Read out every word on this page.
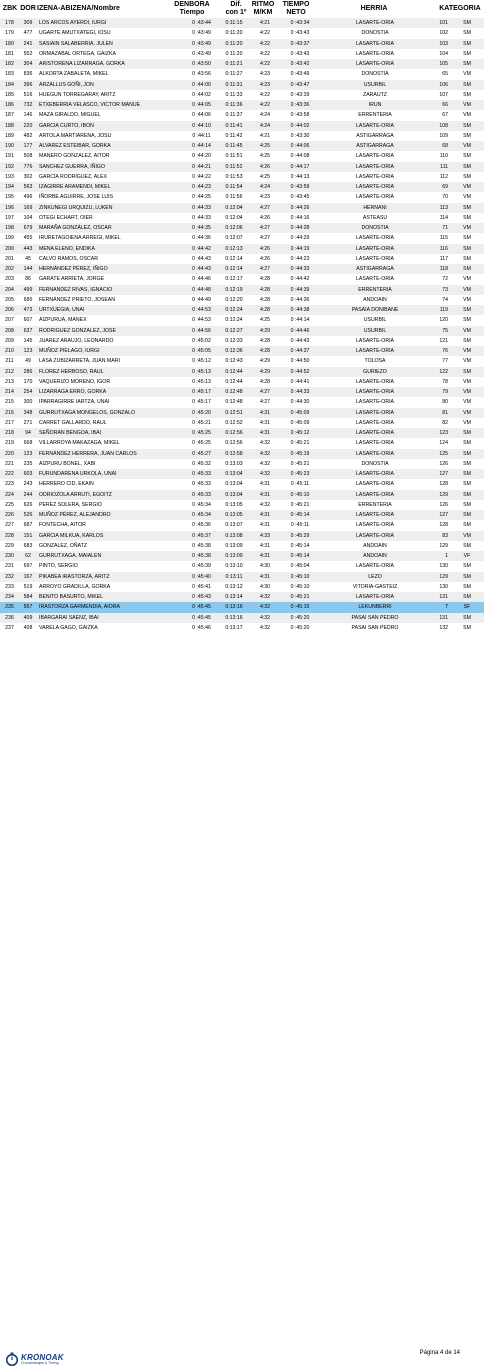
ZBK DOR IZENA-ABIZENA/Nombre
DENBORA
Tiempo
Dif.
con 1º
RITMO
M/KM
TIEMPO
NETO
HERRIA	KATEGORIA
178	309	LOS ARCOS AYERDI, IURGI	0 :43:44	0:11:15	4:21	0 :43:34	LASARTE-ORIA	101	SM
179	477	UGARTE AMUTXATEGI, IOSU	0 :43:49	0:11:20	4:22	0 :43:43	DONOSTIA	102	SM
180	241	SASIAIN SALABERRIA, JULEN	0 :43:49	0:11:20	4:22	0 :43:37	LASARTE-ORIA	103	SM
181	552	ORMAZABAL ORTEGA, GAIZKA	0 :43:49	0:11:20	4:22	0 :43:43	LASARTE-ORIA	104	SM
182	304	ARISTORENA LIZARRAGA, GORKA	0 :43:50	0:11:21	4:22	0 :43:42	LASARTE-ORIA	105	SM
183	836	ALKORTA ZABALETA, MIKEL	0 :43:56	0:11:27	4:23	0 :43:49	DONOSTIA	65	VM
184	396	ARZALLUS GOÑI, JON	0 :44:00	0:11:31	4:23	0 :43:47	USURBIL	106	SM
185	516	HUEGUN TORREGARAY, ARITZ	0 :44:02	0:11:33	4:22	0 :43:39	ZARAUTZ	107	SM
186	732	ETXEBERRIA VELASCO, VICTOR MANUE	0 :44:05	0:11:36	4:22	0 :43:36	IRUN	66	VM
187	146	MAZA GIRALDO, MIGUEL	0 :44:06	0:11:37	4:24	0 :43:58	ERRENTERIA	67	VM
188	220	GARCIA CURTO, IBON	0 :44:10	0:11:41	4:24	0 :44:02	LASARTE-ORIA	108	SM
189	482	ARTOLA MARTIARENA, JOSU	0 :44:11	0:11:42	4:21	0 :43:30	ASTIGARRAGA	109	SM
190	177	ALVAREZ ESTEIBAR, GORKA	0 :44:14	0:11:45	4:25	0 :44:06	ASTIGARRAGA	68	VM
191	508	MANERO GONZALEZ, AITOR	0 :44:20	0:11:51	4:25	0 :44:08	LASARTE-ORIA	110	SM
192	776	SANCHEZ GUERRA, IÑIGO	0 :44:21	0:11:52	4:26	0 :44:17	LASARTE-ORIA	111	SM
193	302	GARCÍA RODRÍGUEZ, ALEX	0 :44:22	0:11:53	4:25	0 :44:13	LASARTE-ORIA	112	SM
194	563	IZAGIRRE ARAMENDI, MIKEL	0 :44:23	0:11:54	4:24	0 :43:59	LASARTE-ORIA	69	VM
195	496	IÑORBE AGUIRRE, JOSE LUIS	0 :44:25	0:11:56	4:23	0 :43:45	LASARTE-ORIA	70	VM
196	169	ZINKUNEGI URQUIZU, LUKEN	0 :44:33	0:12:04	4:27	0 :44:26	HERNANI	113	SM
197	104	OTEGI ECHART, OIER	0 :44:33	0:12:04	4:26	0 :44:16	ASTEASU	114	SM
198	679	MARAÑA GONZÁLEZ, OSCAR	0 :44:35	0:12:06	4:27	0 :44:28	DONOSTIA	71	VM
199	455	IRURETAGOIENA ARREGI, MIKEL	0 :44:36	0:12:07	4:27	0 :44:29	LASARTE-ORIA	115	SM
200	443	MENA ELENO, ENDIKA	0 :44:42	0:12:13	4:26	0 :44:19	LASARTE-ORIA	116	SM
201	45	CALVO RAMOS, OSCAR	0 :44:43	0:12:14	4:26	0 :44:23	LASARTE-ORIA	117	SM
202	144	HERNÁNDEZ PÉREZ, IÑIGO	0 :44:43	0:12:14	4:27	0 :44:33	ASTIGARRAGA	118	SM
203	86	GARATE ARRIETA, JORGE	0 :44:46	0:12:17	4:28	0 :44:42	LASARTE-ORIA	72	VM
204	499	FERNANDEZ RIVAS, IGNACIO	0 :44:48	0:12:19	4:28	0 :44:39	ERRENTERIA	73	VM
205	686	FERNÁNDEZ PRIETO, JOSEAN	0 :44:49	0:12:20	4:28	0 :44:36	ANDOAIN	74	VM
206	473	URTXUEGIA, UNAI	0 :44:53	0:12:24	4:28	0 :44:38	PASAIA DONIBANE	119	SM
207	607	AIZPURUA, MANEX	0 :44:53	0:12:24	4:25	0 :44:14	USURBIL	120	SM
208	637	RODRIGUEZ GONZALEZ, JOSE	0 :44:56	0:12:27	4:29	0 :44:46	USURBIL	75	VM
209	145	JUAREZ ARAUJO, LEONARDO	0 :45:02	0:12:33	4:28	0 :44:43	LASARTE-ORIA	121	SM
210	123	MUÑOZ PIELAGO, IURGI	0 :45:05	0:12:36	4:28	0 :44:37	LASARTE-ORIA	76	VM
211	49	LASA ZUBIZARRETA, JUAN MARI	0 :45:12	0:12:43	4:29	0 :44:50	TOLOSA	77	VM
212	286	FLOREZ HERBOSO, RAUL	0 :45:13	0:12:44	4:29	0 :44:52	GURIEZO	122	SM
213	170	VAQUERIZO MORENO, IGOR	0 :45:13	0:12:44	4:28	0 :44:41	LASARTE-ORIA	78	VM
214	254	LIZARRAGA ERRO, GORKA	0 :45:17	0:12:48	4:27	0 :44:33	LASARTE-ORIA	79	VM
215	300	IPARRAGIRRE IARTZA, UNAI	0 :45:17	0:12:48	4:27	0 :44:30	LASARTE-ORIA	80	VM
216	348	GURRUTXAGA MONGELOS, GONZALO	0 :45:20	0:12:51	4:31	0 :45:09	LASARTE-ORIA	81	VM
217	271	CARRET GALLARDO, RAUL	0 :45:21	0:12:52	4:31	0 :45:09	LASARTE-ORIA	82	VM
218	94	SEÑORAN BENGOA, IBAI	0 :45:25	0:12:56	4:31	0 :45:12	LASARTE-ORIA	123	SM
219	668	VILLARROYA MAKAZAGA, MIKEL	0 :45:25	0:12:56	4:32	0 :45:21	LASARTE-ORIA	124	SM
220	123	FERNÁNDEZ HERRERA, JUAN CARLOS	0 :45:27	0:12:58	4:32	0 :45:19	LASARTE-ORIA	125	SM
221	235	AIZPURU BONEL, XABI	0 :45:32	0:13:03	4:32	0 :45:21	DONOSTIA	126	SM
222	603	FURUNDARENA URKOLA, UNAI	0 :45:33	0:13:04	4:32	0 :45:23	LASARTE-ORIA	127	SM
223	243	HERRERO CID, EKAIN	0 :45:33	0:13:04	4:31	0 :45:11	LASARTE-ORIA	128	SM
224	244	ODRIOZOLA ARRUTI, EGOITZ	0 :45:33	0:13:04	4:31	0 :45:10	LASARTE-ORIA	129	SM
225	626	PEREZ SOLERA, SERGIO	0 :45:34	0:13:05	4:32	0 :45:21	ERRENTERIA	126	SM
226	526	MUÑOZ PÉREZ, ALEJANDRO	0 :45:34	0:13:05	4:31	0 :45:14	LASARTE-ORIA	127	SM
227	687	FONTECHA, AITOR	0 :45:36	0:13:07	4:31	0 :45:11	LASARTE-ORIA	128	SM
228	151	GARCIA MILKUA, KARLOS	0 :45:37	0:13:08	4:33	0 :45:29	LASARTE-ORIA	83	VM
229	683	GONZALEZ, OÑATZ	0 :45:38	0:13:09	4:31	0 :45:14	ANDOAIN	129	SM
230	62	GURRUTXAGA, MAIALEN	0 :45:38	0:13:09	4:31	0 :45:14	ANDOAIN	1	VF
231	697	PINTO, SERGIO	0 :45:39	0:13:10	4:30	0 :45:04	LASARTE-ORIA	130	SM
232	167	PIKABEA IRASTORZA, ARITZ	0 :45:40	0:13:11	4:31	0 :45:10	LEZO	129	SM
233	519	ARROYO GRADILLA, GORKA	0 :45:41	0:13:12	4:30	0 :45:10	VITORIA-GASTEIZ	130	SM
234	584	BENITO BASURTO, MIKEL	0 :45:43	0:13:14	4:32	0 :45:21	LASARTE-ORIA	131	SM
235	567	IRASTORZA GARMENDIA, AIORA	0 :45:45	0:13:16	4:32	0 :45:15	LEKUNBERRI	7	SF
236	409	IBARGARAI SAENZ, IBAI	0 :45:45	0:13:16	4:32	0 :45:20	PASAI SAN PEDRO	131	SM
237	408	VARELA GAGO, GAIZKA	0 :45:46	0:13:17	4:32	0 :45:20	PASAI SAN PEDRO	132	SM
KRONOAK
Cronometrajes & Timing
Página 4 de 14
